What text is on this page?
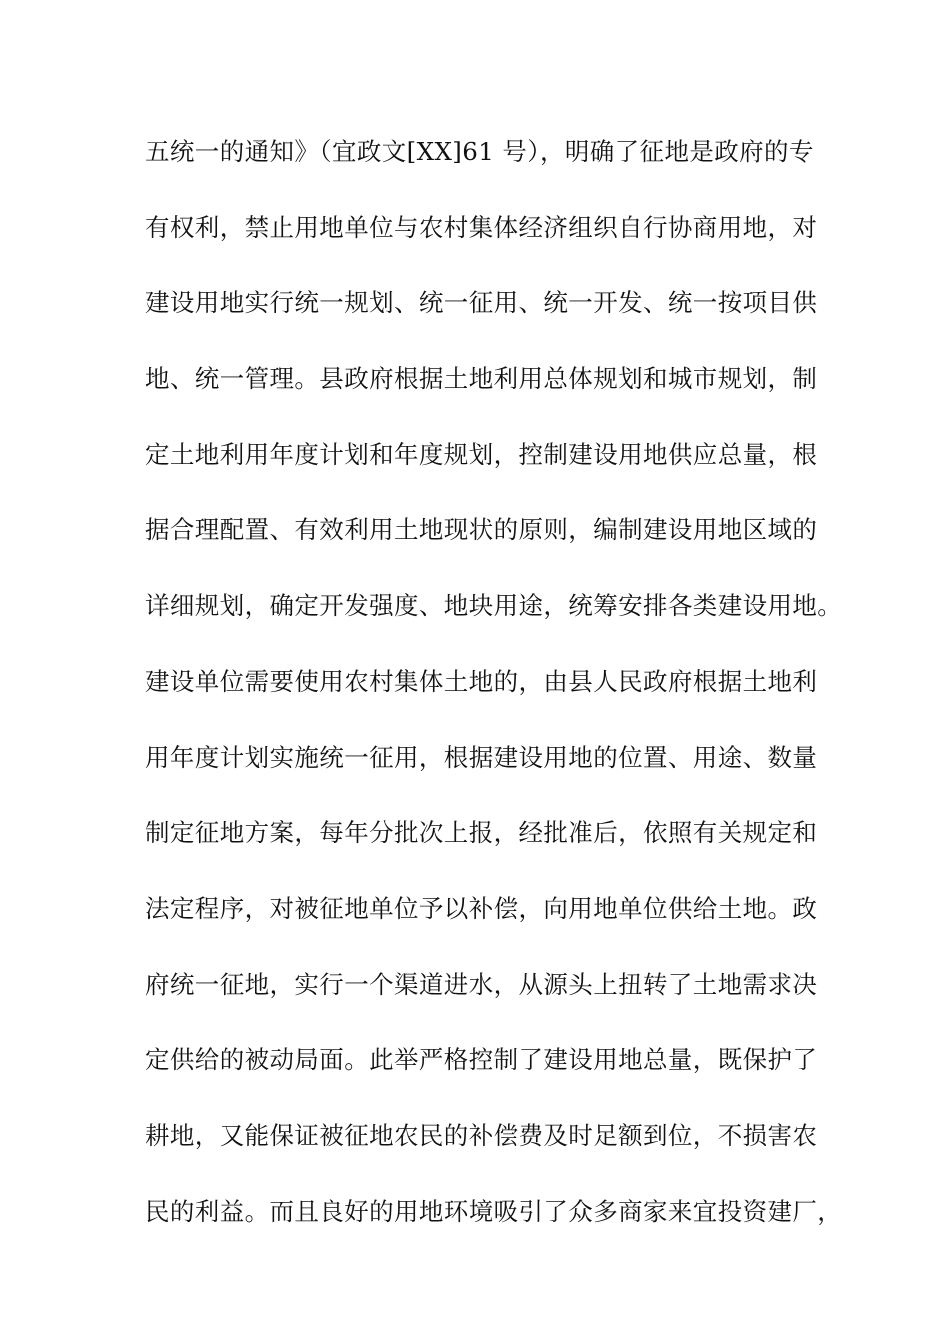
五统一的通知》（宜政文[XX]61 号），明确了征地是政府的专
有权利，禁止用地单位与农村集体经济组织自行协商用地，对
建设用地实行统一规划、统一征用、统一开发、统一按项目供
地、统一管理。县政府根据土地利用总体规划和城市规划，制
定土地利用年度计划和年度规划，控制建设用地供应总量，根
据合理配置、有效利用土地现状的原则，编制建设用地区域的
详细规划，确定开发强度、地块用途，统筹安排各类建设用地。
建设单位需要使用农村集体土地的，由县人民政府根据土地利
用年度计划实施统一征用，根据建设用地的位置、用途、数量
制定征地方案，每年分批次上报，经批准后，依照有关规定和
法定程序，对被征地单位予以补偿，向用地单位供给土地。政
府统一征地，实行一个渠道进水，从源头上扭转了土地需求决
定供给的被动局面。此举严格控制了建设用地总量，既保护了
耕地，又能保证被征地农民的补偿费及时足额到位，不损害农
民的利益。而且良好的用地环境吸引了众多商家来宜投资建厂，
